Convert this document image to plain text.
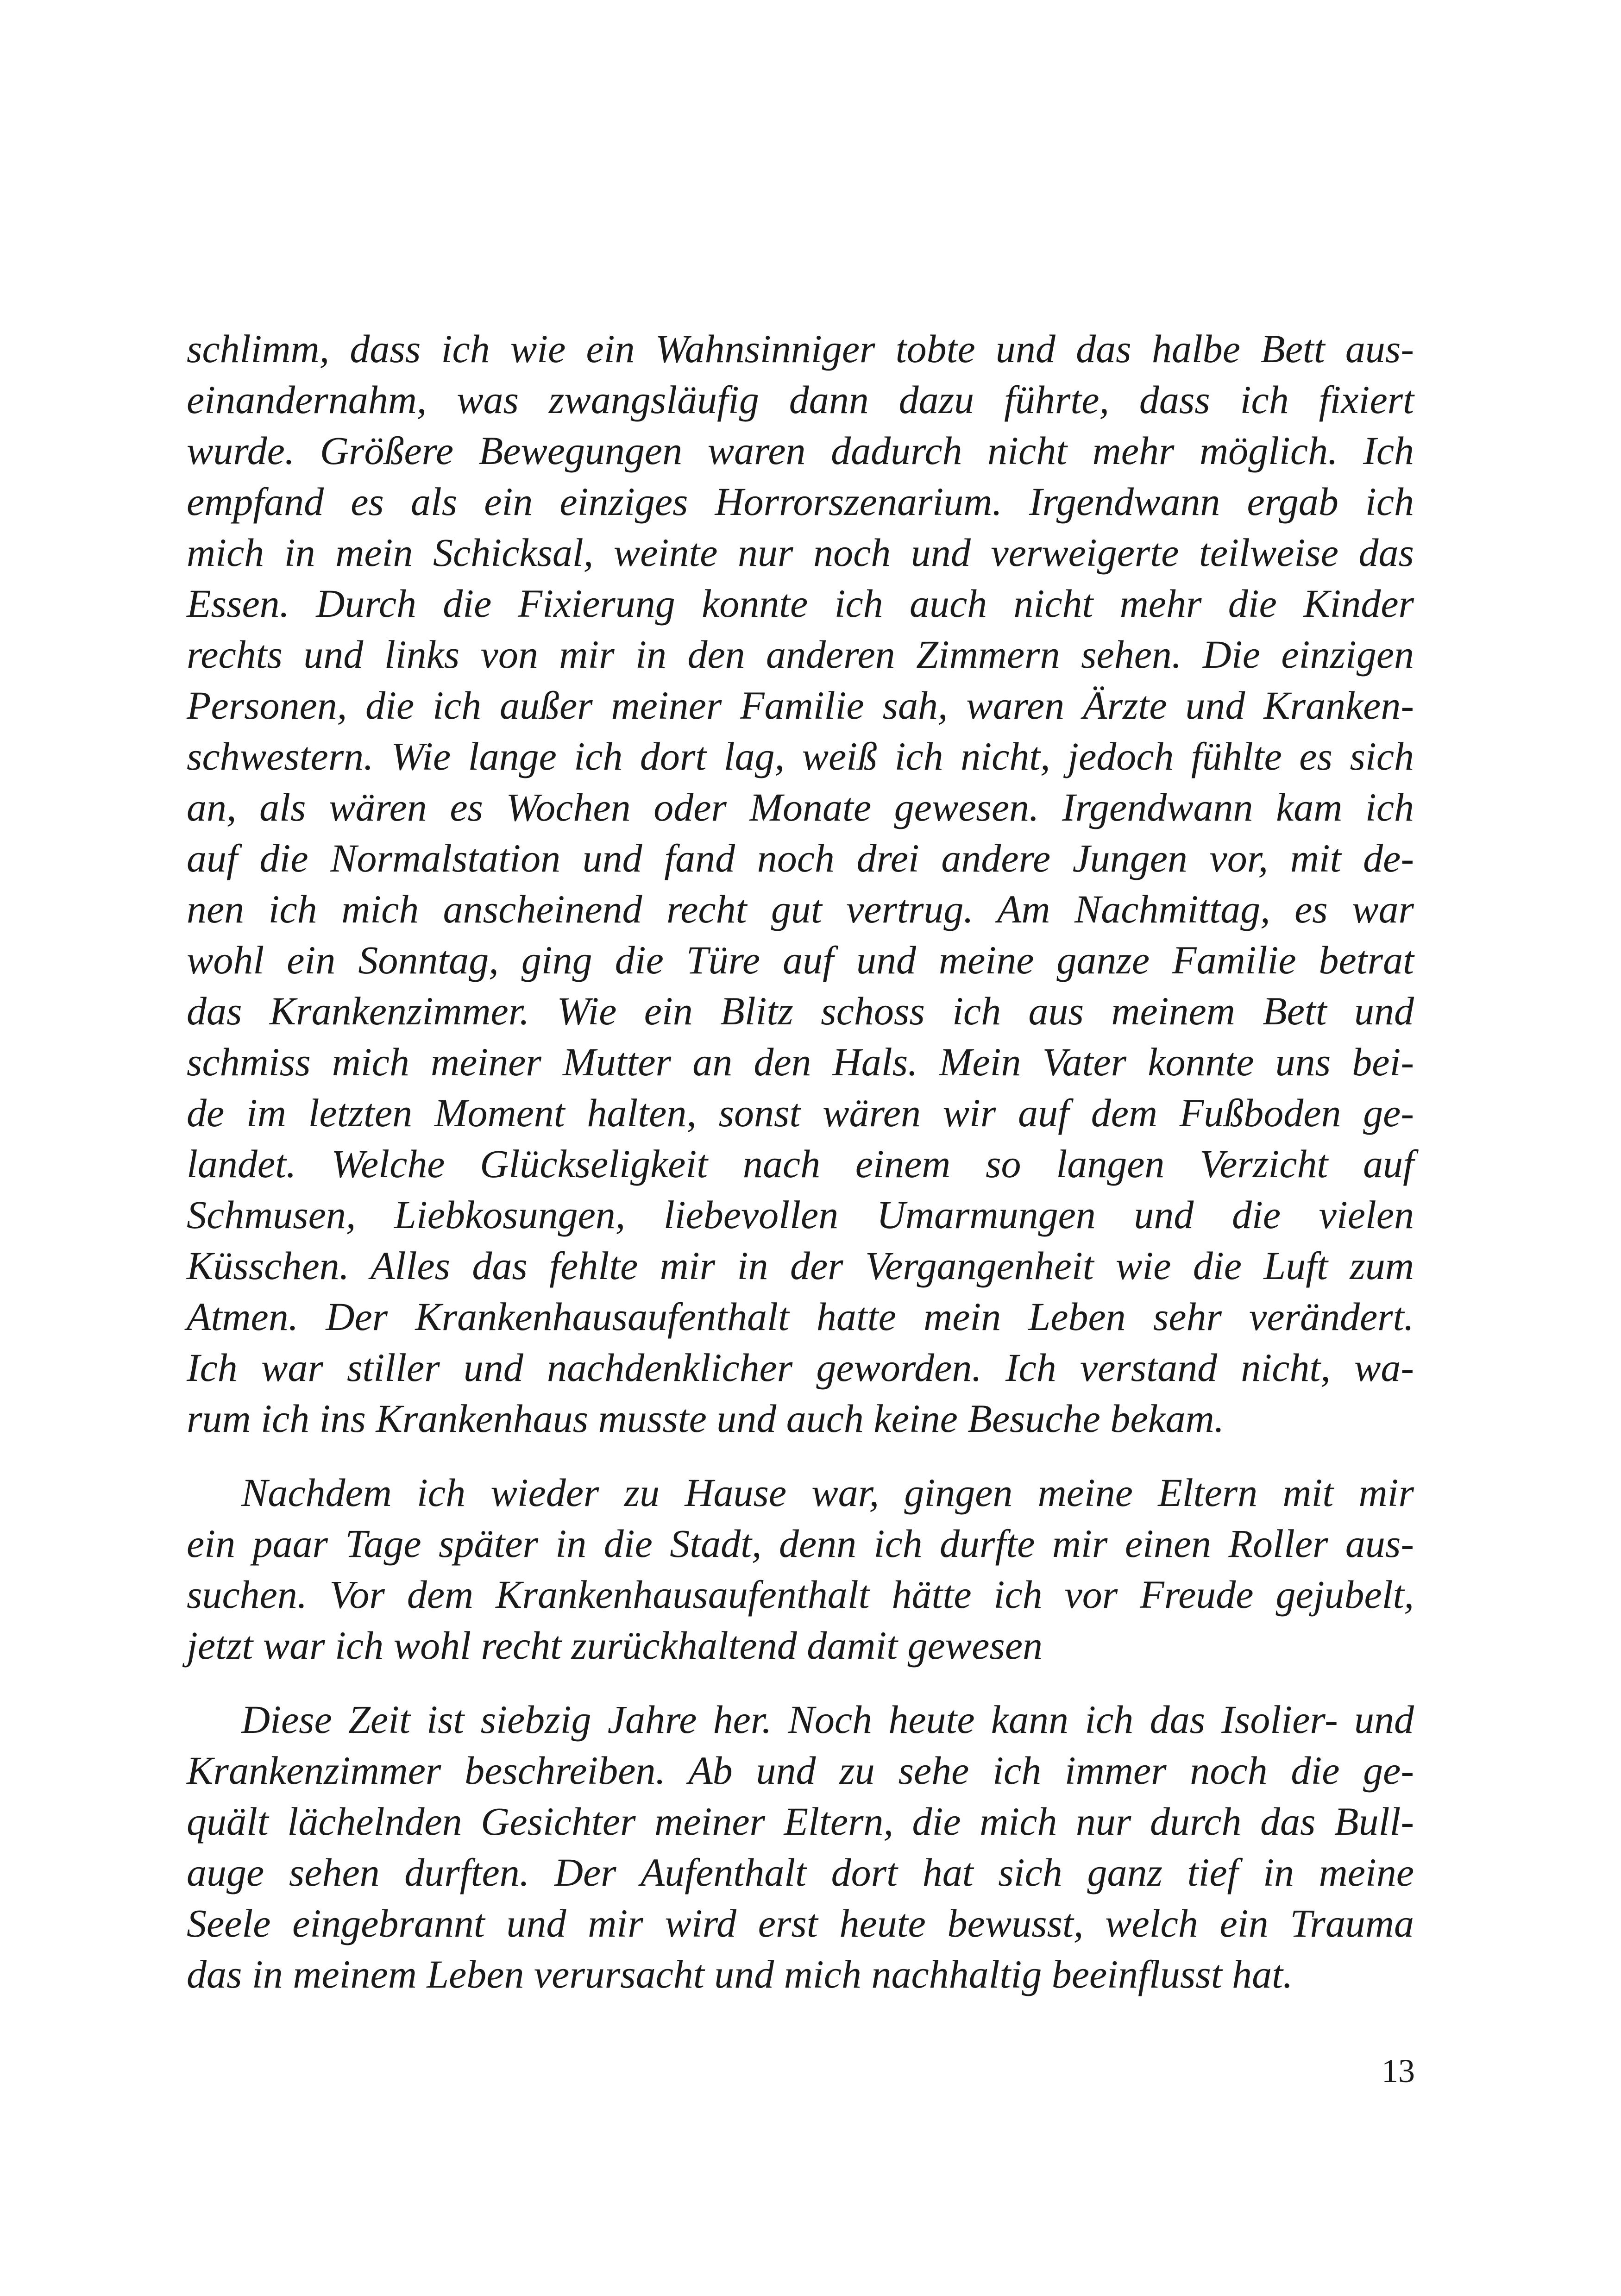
schlimm, dass ich wie ein Wahnsinniger tobte und das halbe Bett aus-
einandernahm, was zwangsläufig dann dazu führte, dass ich fixiert
wurde. Größere Bewegungen waren dadurch nicht mehr möglich. Ich
empfand es als ein einziges Horrorszenarium. Irgendwann ergab ich
mich in mein Schicksal, weinte nur noch und verweigerte teilweise das
Essen. Durch die Fixierung konnte ich auch nicht mehr die Kinder
rechts und links von mir in den anderen Zimmern sehen. Die einzigen
Personen, die ich außer meiner Familie sah, waren Ärzte und Kranken-
schwestern. Wie lange ich dort lag, weiß ich nicht, jedoch fühlte es sich
an, als wären es Wochen oder Monate gewesen. Irgendwann kam ich
auf die Normalstation und fand noch drei andere Jungen vor, mit de-
nen ich mich anscheinend recht gut vertrug. Am Nachmittag, es war
wohl ein Sonntag, ging die Türe auf und meine ganze Familie betrat
das Krankenzimmer. Wie ein Blitz schoss ich aus meinem Bett und
schmiss mich meiner Mutter an den Hals. Mein Vater konnte uns bei-
de im letzten Moment halten, sonst wären wir auf dem Fußboden ge-
landet. Welche Glückseligkeit nach einem so langen Verzicht auf
Schmusen, Liebkosungen, liebevollen Umarmungen und die vielen
Küsschen. Alles das fehlte mir in der Vergangenheit wie die Luft zum
Atmen. Der Krankenhausaufenthalt hatte mein Leben sehr verändert.
Ich war stiller und nachdenklicher geworden. Ich verstand nicht, wa-
rum ich ins Krankenhaus musste und auch keine Besuche bekam.

Nachdem ich wieder zu Hause war, gingen meine Eltern mit mir
ein paar Tage später in die Stadt, denn ich durfte mir einen Roller aus-
suchen. Vor dem Krankenhausaufenthalt hätte ich vor Freude gejubelt,
jetzt war ich wohl recht zurückhaltend damit gewesen

Diese Zeit ist siebzig Jahre her. Noch heute kann ich das Isolier- und
Krankenzimmer beschreiben. Ab und zu sehe ich immer noch die ge-
quält lächelnden Gesichter meiner Eltern, die mich nur durch das Bull-
auge sehen durften. Der Aufenthalt dort hat sich ganz tief in meine
Seele eingebrannt und mir wird erst heute bewusst, welch ein Trauma
das in meinem Leben verursacht und mich nachhaltig beeinflusst hat.

13
